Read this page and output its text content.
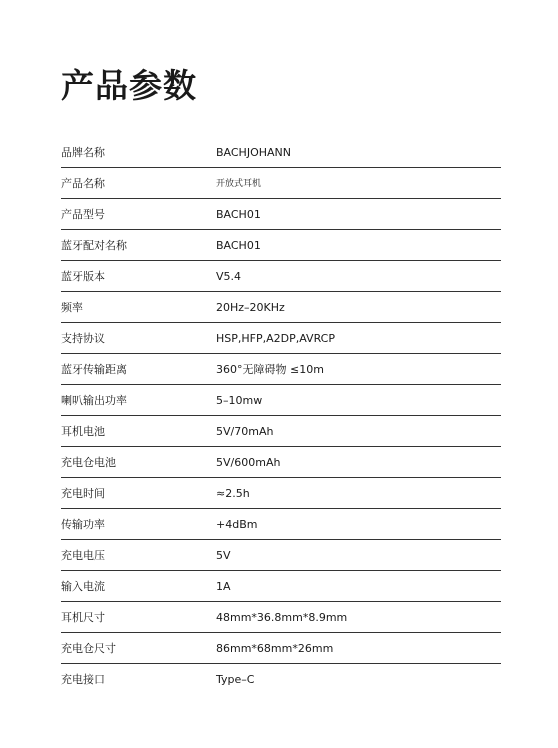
产品参数
品牌名称	BACHJOHANN
产品名称	开放式耳机
产品型号	BACH01
蓝牙配对名称	BACH01
蓝牙版本	V5.4
频率	20Hz–20KHz
支持协议	HSP,HFP,A2DP,AVRCP
蓝牙传输距离	360°无障碍物 ≤10m
喇叭输出功率	5–10mw
耳机电池	5V/70mAh
充电仓电池	5V/600mAh
充电时间	≈2.5h
传输功率	+4dBm
充电电压	5V
输入电流	1A
耳机尺寸	48mm*36.8mm*8.9mm
充电仓尺寸	86mm*68mm*26mm
充电接口	Type–C
